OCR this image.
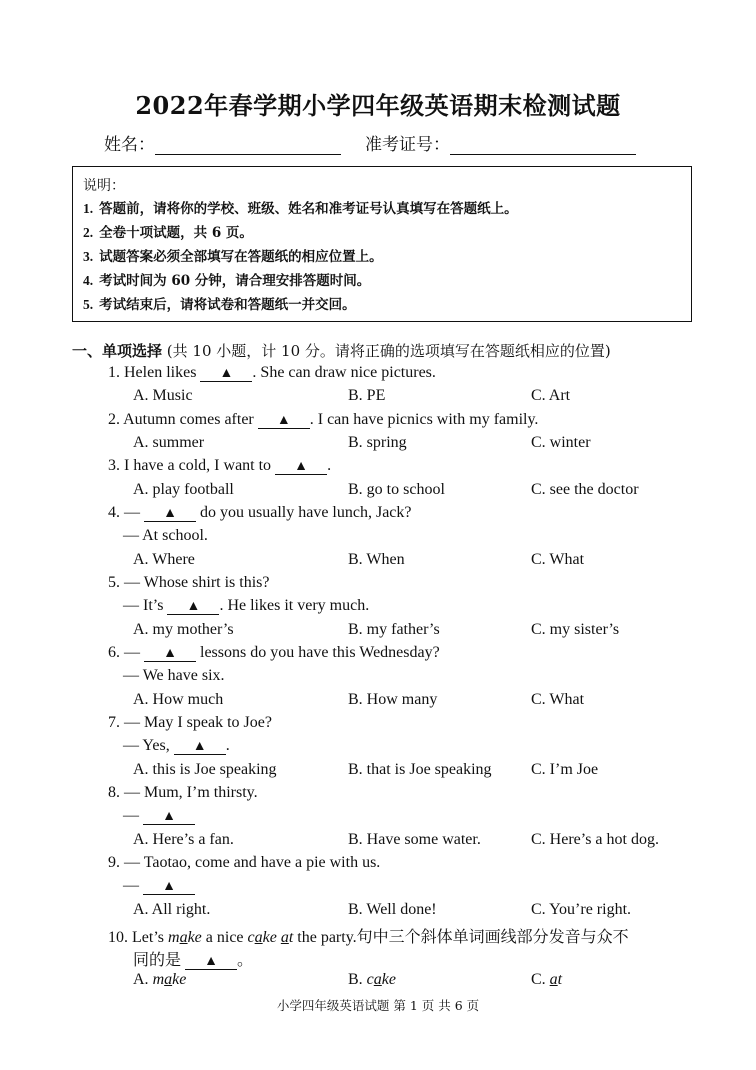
2022年春学期小学四年级英语期末检测试题
姓名：	准考证号：
说明：
1. 答题前，请将你的学校、班级、姓名和准考证号认真填写在答题纸上。
2. 全卷十项试题，共 6 页。
3. 试题答案必须全部填写在答题纸的相应位置上。
4. 考试时间为 60 分钟，请合理安排答题时间。
5. 考试结束后，请将试卷和答题纸一并交回。
一、单项选择 (共 10 小题，计 10 分。请将正确的选项填写在答题纸相应的位置)
1. Helen likes ▲ . She can draw nice pictures.
A. Music	B. PE	C. Art
2. Autumn comes after ▲ . I can have picnics with my family.
A. summer	B. spring	C. winter
3. I have a cold, I want to ▲ .
A. play football	B. go to school	C. see the doctor
4. — ▲ do you usually have lunch, Jack?
— At school.
A. Where	B. When	C. What
5. — Whose shirt is this?
— It’s ▲ . He likes it very much.
A. my mother’s	B. my father’s	C. my sister’s
6. — ▲ lessons do you have this Wednesday?
— We have six.
A. How much	B. How many	C. What
7. — May I speak to Joe?
— Yes, ▲ .
A. this is Joe speaking	B. that is Joe speaking C. I’m Joe
8. — Mum, I’m thirsty.
— ▲
A. Here’s a fan.	B. Have some water.	C. Here’s a hot dog.
9. — Taotao, come and have a pie with us.
— ▲
A. All right.	B. Well done!	C. You’re right.
10. Let’s make a nice cake at the party.句中三个斜体单词画线部分发音与众不
同的是 ▲ 。
A. make	B. cake	C. at
小学四年级英语试题 第 1 页 共 6 页
